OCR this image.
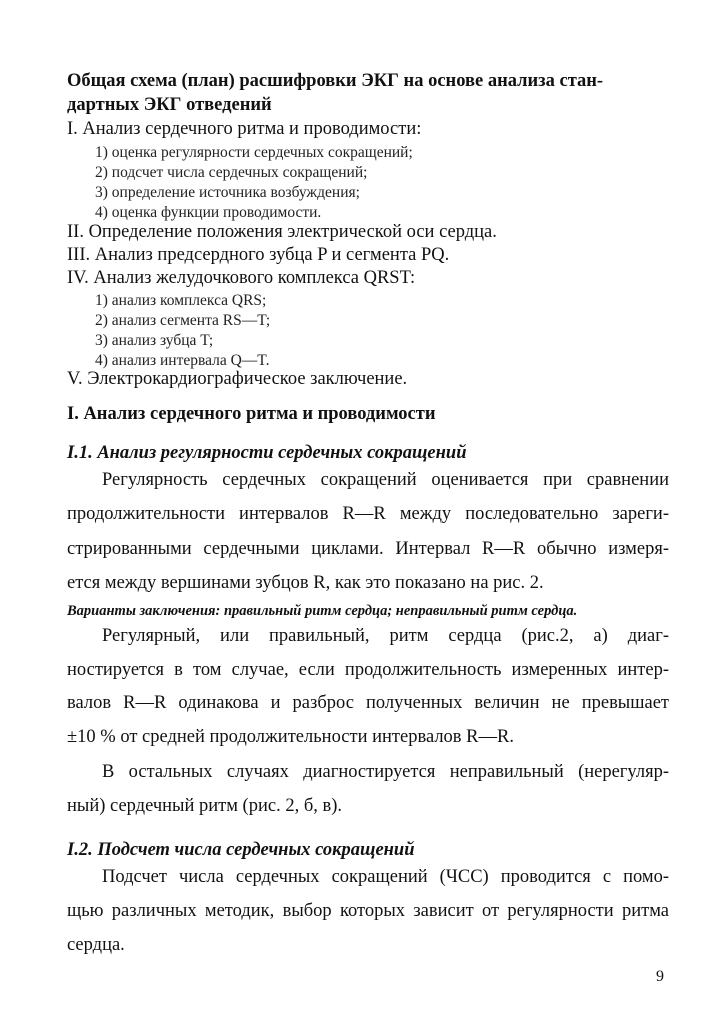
Общая схема (план) расшифровки ЭКГ на основе анализа стан-
дартных ЭКГ отведений
I. Анализ сердечного ритма и проводимости:
1) оценка регулярности сердечных сокращений;
2) подсчет числа сердечных сокращений;
3) определение источника возбуждения;
4) оценка функции проводимости.
II. Определение положения электрической оси сердца.
III. Анализ предсердного зубца P и сегмента PQ.
IV. Анализ желудочкового комплекса QRST:
1) анализ комплекса QRS;
2) анализ сегмента RS—T;
3) анализ зубца T;
4) анализ интервала Q—T.
V. Электрокардиографическое заключение.
I. Анализ сердечного ритма и проводимости
I.1. Анализ регулярности сердечных сокращений
Регулярность сердечных сокращений оценивается при сравнении
продолжительности интервалов R—R между последовательно зареги-
стрированными сердечными циклами. Интервал R—R обычно измеря-
ется между вершинами зубцов R, как это показано на рис. 2.
Варианты заключения: правильный ритм сердца; неправильный ритм сердца.
Регулярный, или правильный, ритм сердца (рис.2, а) диаг-
ностируется в том случае, если продолжительность измеренных интер-
валов R—R одинакова и разброс полученных величин не превышает
±10 % от средней продолжительности интервалов R—R.
В остальных случаях диагностируется неправильный (нерегуляр-
ный) сердечный ритм (рис. 2, б, в).
I.2. Подсчет числа сердечных сокращений
Подсчет числа сердечных сокращений (ЧСС) проводится с помо-
щью различных методик, выбор которых зависит от регулярности ритма
сердца.
9
